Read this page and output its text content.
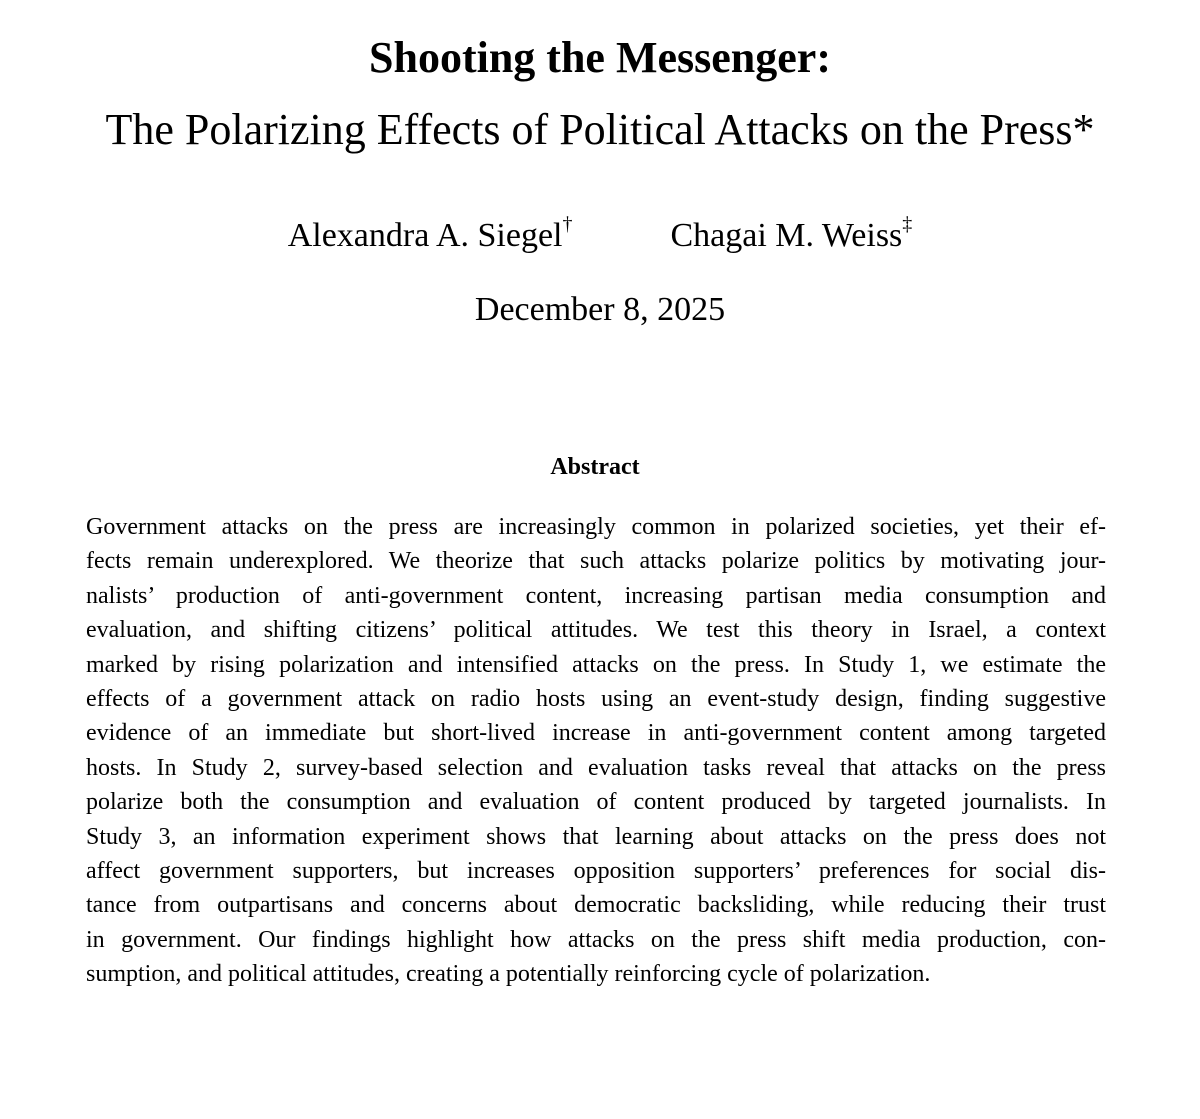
Shooting the Messenger:
The Polarizing Effects of Political Attacks on the Press*
Alexandra A. Siegel†	Chagai M. Weiss‡
December 8, 2025
Abstract
Government attacks on the press are increasingly common in polarized societies, yet their ef-
fects remain underexplored. We theorize that such attacks polarize politics by motivating jour-
nalists’ production of anti-government content, increasing partisan media consumption and
evaluation, and shifting citizens’ political attitudes. We test this theory in Israel, a context
marked by rising polarization and intensified attacks on the press. In Study 1, we estimate the
effects of a government attack on radio hosts using an event-study design, finding suggestive
evidence of an immediate but short-lived increase in anti-government content among targeted
hosts. In Study 2, survey-based selection and evaluation tasks reveal that attacks on the press
polarize both the consumption and evaluation of content produced by targeted journalists. In
Study 3, an information experiment shows that learning about attacks on the press does not
affect government supporters, but increases opposition supporters’ preferences for social dis-
tance from outpartisans and concerns about democratic backsliding, while reducing their trust
in government. Our findings highlight how attacks on the press shift media production, con-
sumption, and political attitudes, creating a potentially reinforcing cycle of polarization.
